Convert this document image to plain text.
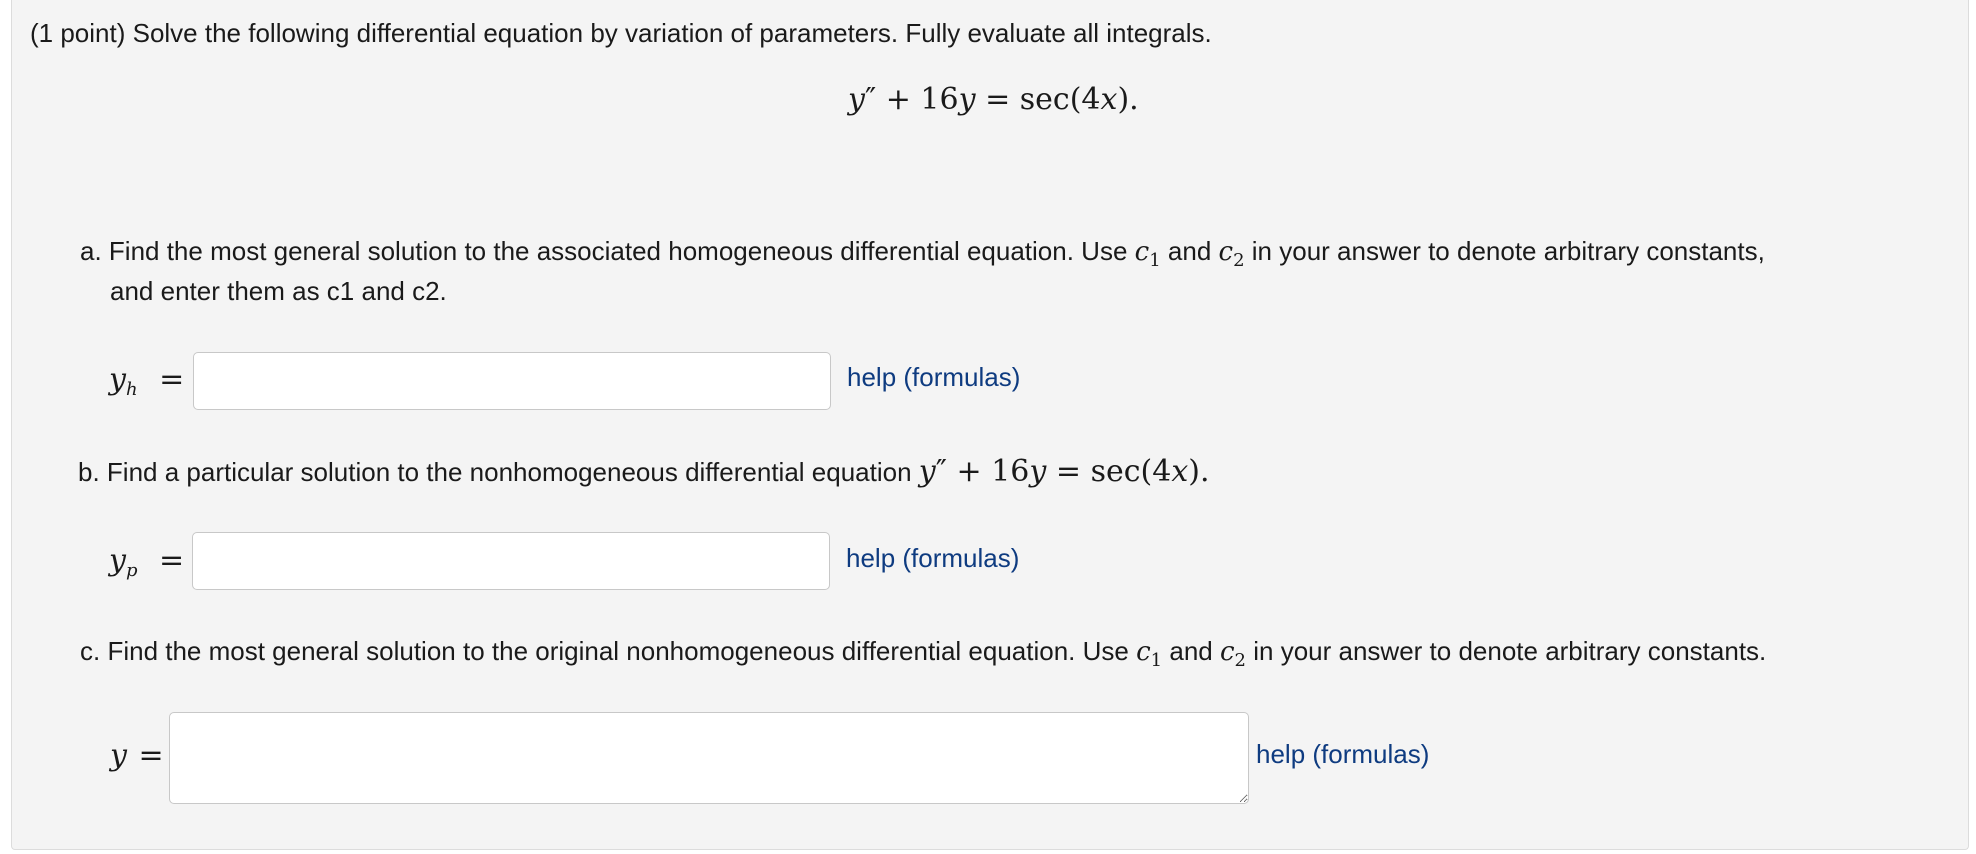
(1 point) Solve the following differential equation by variation of parameters. Fully evaluate all integrals.
y″ + 16y = sec(4x).
a. Find the most general solution to the associated homogeneous differential equation. Use $c_1$ and $c_2$ in your answer to denote arbitrary constants,
and enter them as c1 and c2.
$y_h$ =	help (formulas)
b. Find a particular solution to the nonhomogeneous differential equation y″ + 16y = sec(4x).
$y_p$ =	help (formulas)
c. Find the most general solution to the original nonhomogeneous differential equation. Use $c_1$ and $c_2$ in your answer to denote arbitrary constants.
y =	help (formulas)
